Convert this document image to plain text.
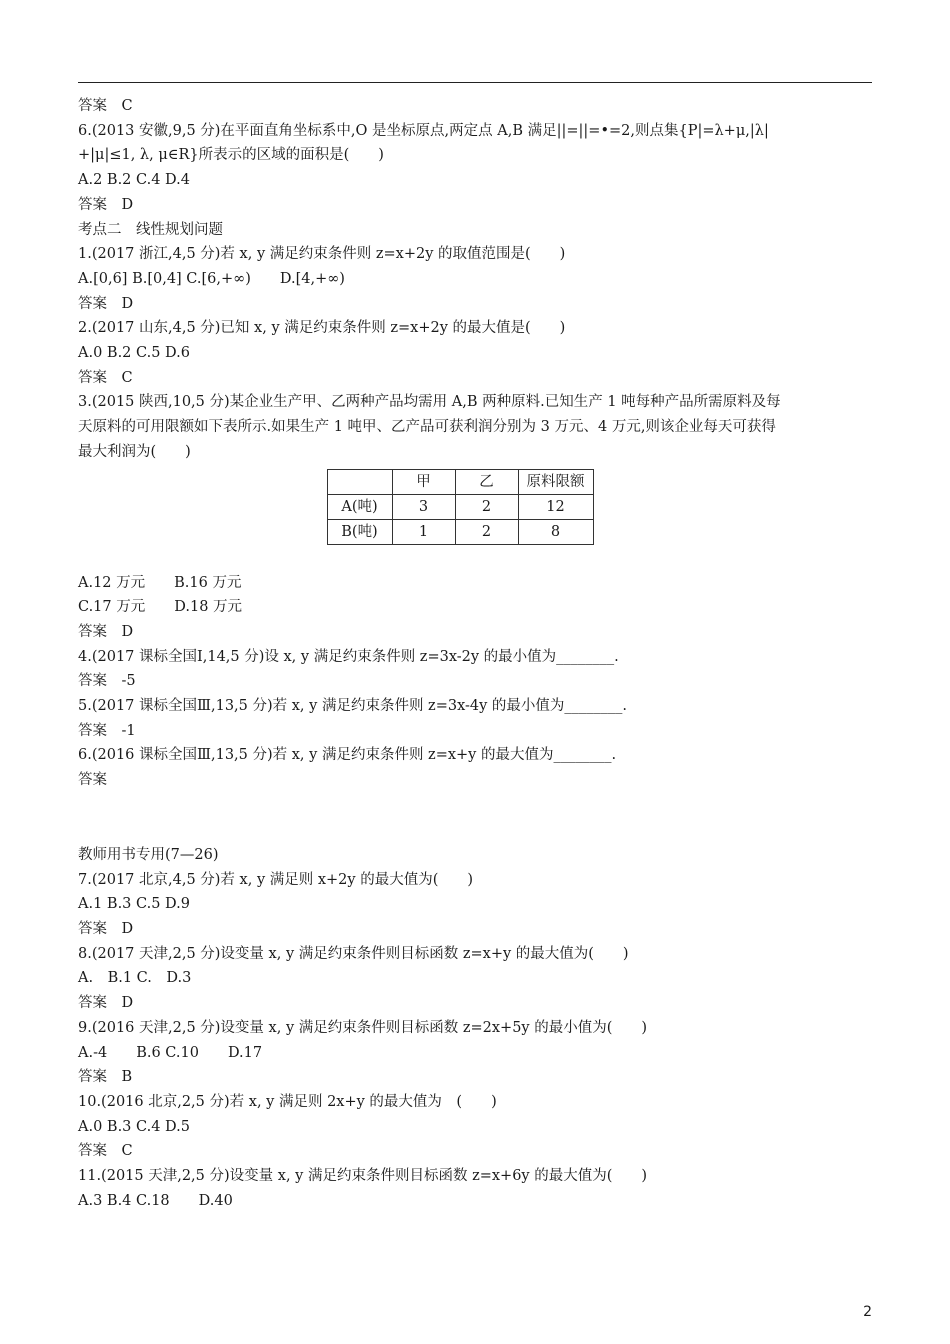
答案　C
6.(2013 安徽,9,5 分)在平面直角坐标系中,O 是坐标原点,两定点 A,B 满足||=||=•=2,则点集{P|=λ+μ,|λ|
+|μ|≤1, λ, μ∈R}所表示的区域的面积是(　　)
A.2 B.2 C.4 D.4
答案　D
考点二　线性规划问题
1.(2017 浙江,4,5 分)若 x, y 满足约束条件则 z=x+2y 的取值范围是(　　)
A.[0,6] B.[0,4] C.[6,+∞)　　D.[4,+∞)
答案　D
2.(2017 山东,4,5 分)已知 x, y 满足约束条件则 z=x+2y 的最大值是(　　)
A.0 B.2 C.5 D.6
答案　C
3.(2015 陕西,10,5 分)某企业生产甲、乙两种产品均需用 A,B 两种原料.已知生产 1 吨每种产品所需原料及每
天原料的可用限额如下表所示.如果生产 1 吨甲、乙产品可获利润分别为 3 万元、4 万元,则该企业每天可获得
最大利润为(　　)
	甲	乙	原料限额
A(吨)	3	2	12
B(吨)	1	2	8
A.12 万元　　B.16 万元
C.17 万元　　D.18 万元
答案　D
4.(2017 课标全国Ⅰ,14,5 分)设 x, y 满足约束条件则 z=3x-2y 的最小值为________.
答案　-5
5.(2017 课标全国Ⅲ,13,5 分)若 x, y 满足约束条件则 z=3x-4y 的最小值为________.
答案　-1
6.(2016 课标全国Ⅲ,13,5 分)若 x, y 满足约束条件则 z=x+y 的最大值为________.
答案
教师用书专用(7—26)
7.(2017 北京,4,5 分)若 x, y 满足则 x+2y 的最大值为(　　)
A.1 B.3 C.5 D.9
答案　D
8.(2017 天津,2,5 分)设变量 x, y 满足约束条件则目标函数 z=x+y 的最大值为(　　)
A.　B.1 C.　D.3
答案　D
9.(2016 天津,2,5 分)设变量 x, y 满足约束条件则目标函数 z=2x+5y 的最小值为(　　)
A.-4　　B.6 C.10　　D.17
答案　B
10.(2016 北京,2,5 分)若 x, y 满足则 2x+y 的最大值为　(　　)
A.0 B.3 C.4 D.5
答案　C
11.(2015 天津,2,5 分)设变量 x, y 满足约束条件则目标函数 z=x+6y 的最大值为(　　)
A.3 B.4 C.18　　D.40
2
